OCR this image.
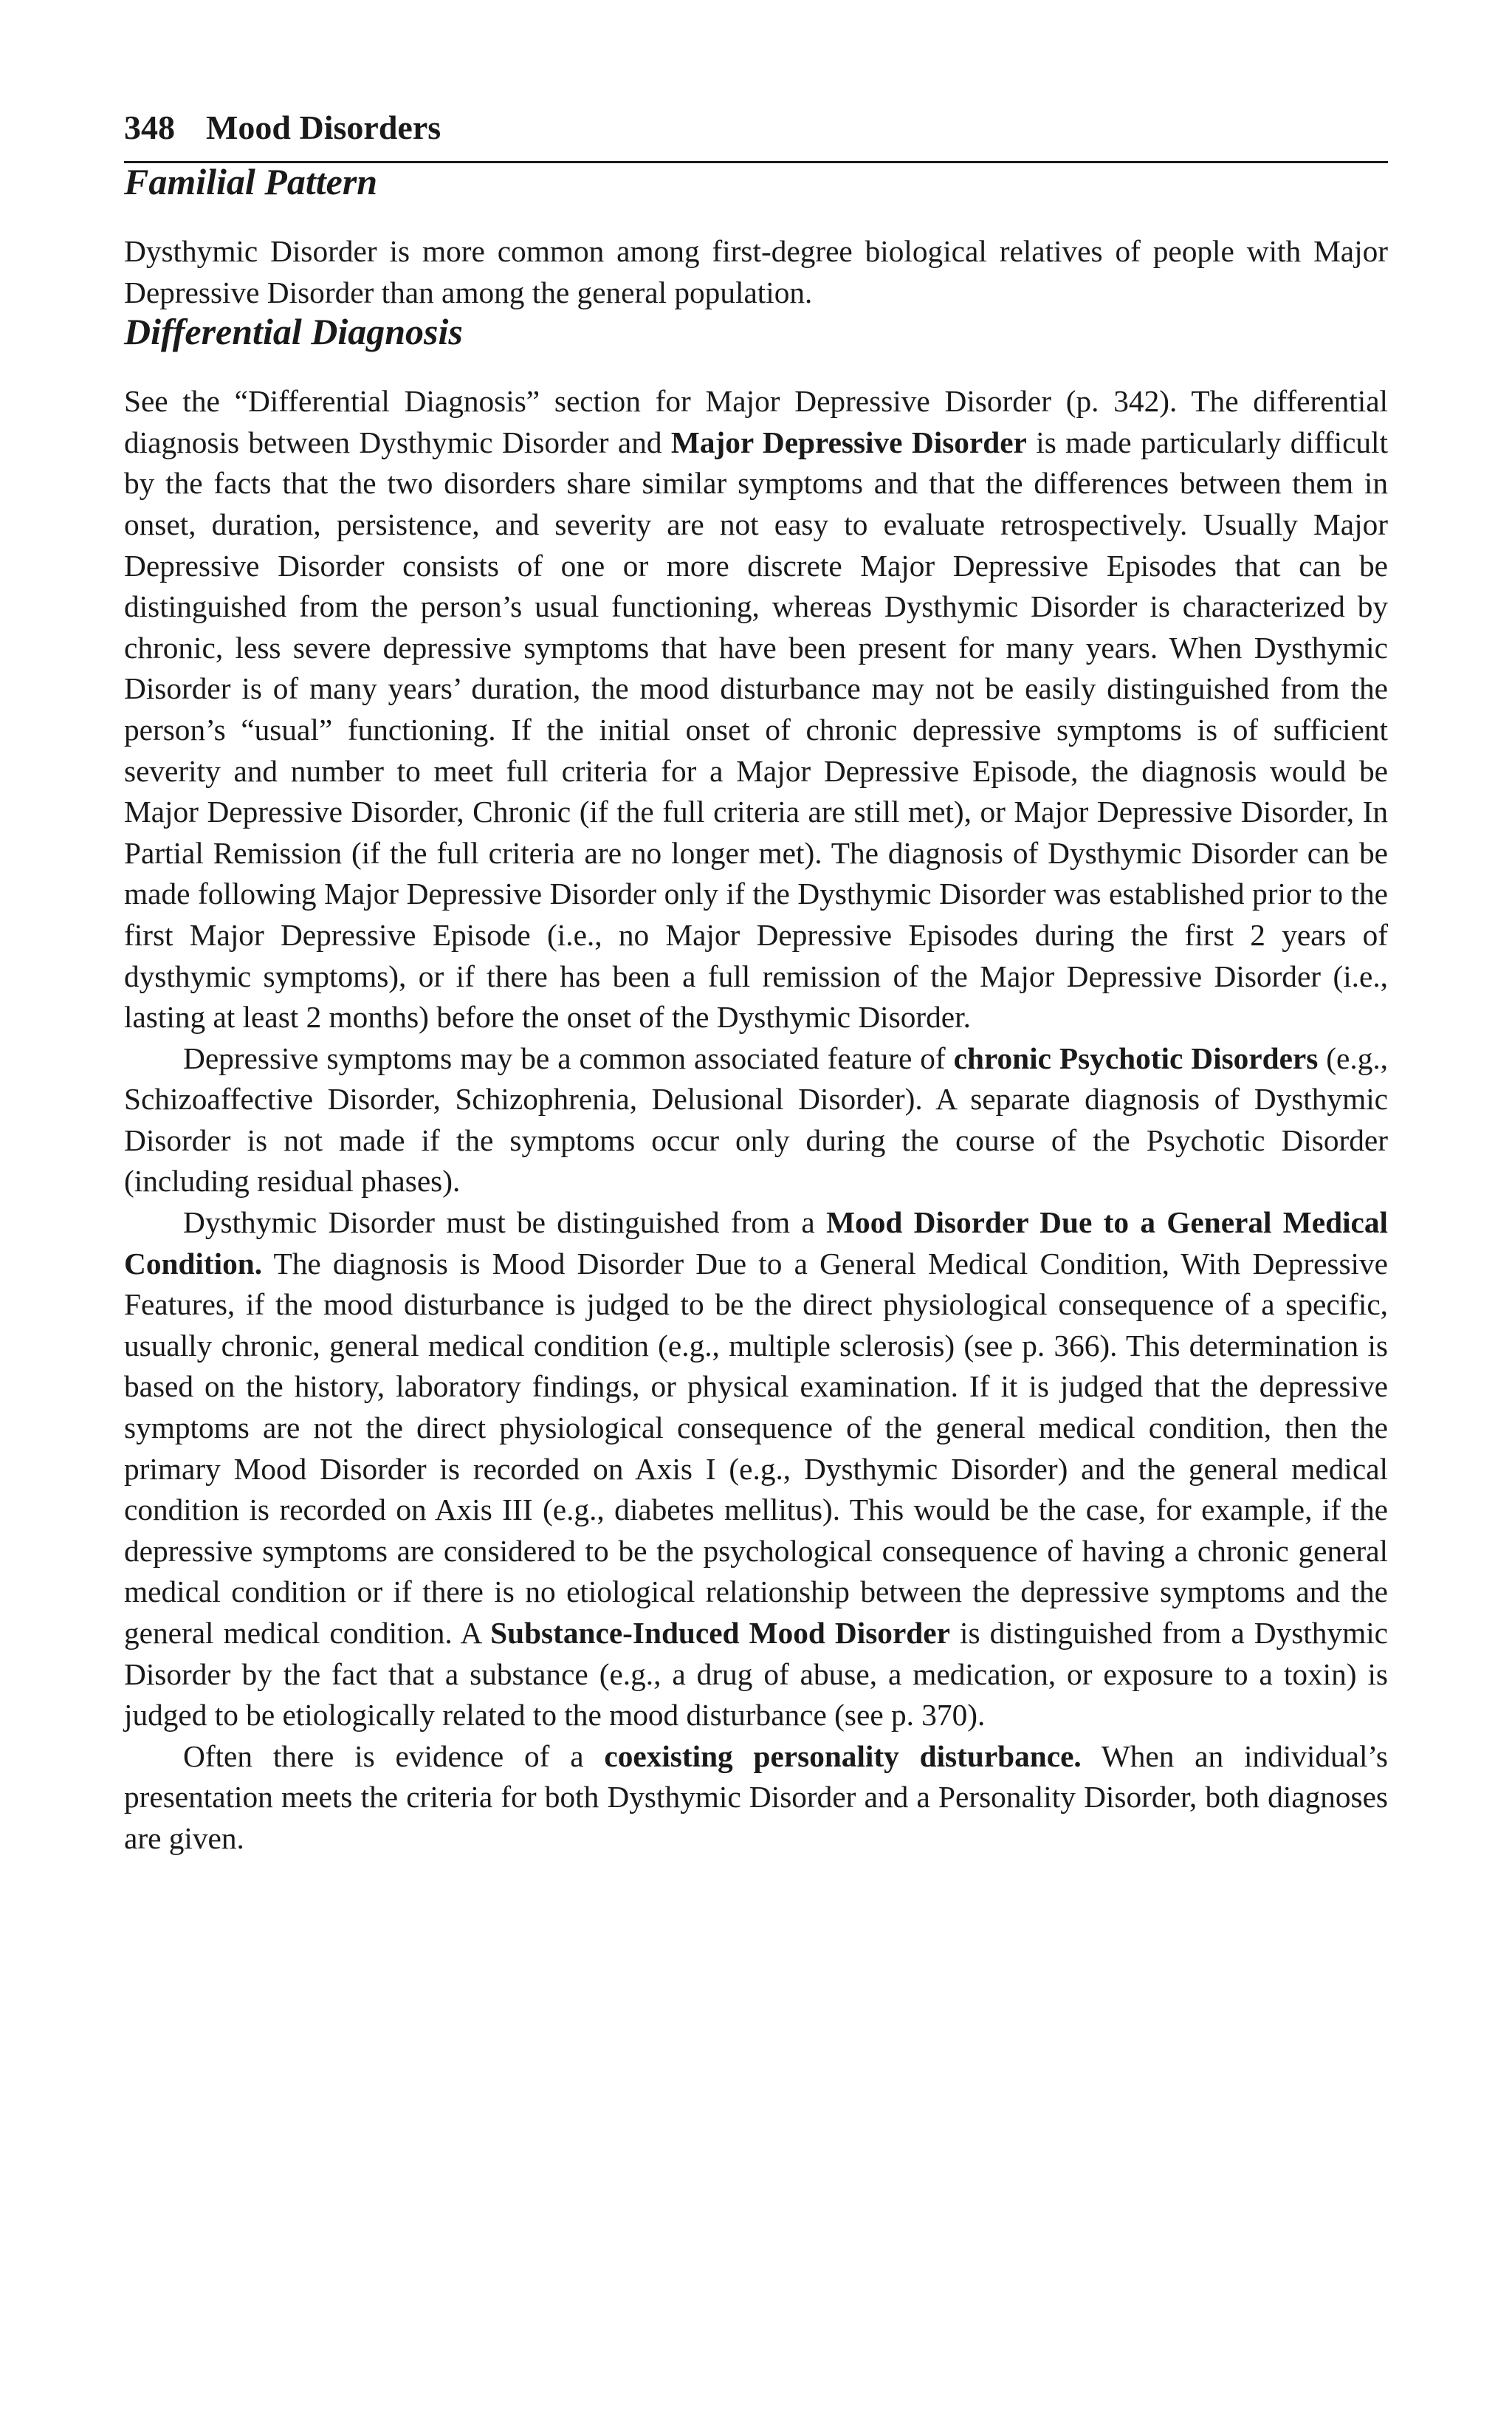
348 Mood Disorders
Familial Pattern

Dysthymic Disorder is more common among first-degree biological relatives of people with Major Depressive Disorder than among the general population.

Differential Diagnosis

See the “Differential Diagnosis” section for Major Depressive Disorder (p. 342). The differential diagnosis between Dysthymic Disorder and Major Depressive Disorder is made particularly difficult by the facts that the two disorders share similar symptoms and that the differences between them in onset, duration, persistence, and severity are not easy to evaluate retrospectively. Usually Major Depressive Disorder consists of one or more discrete Major Depressive Episodes that can be distinguished from the person’s usual functioning, whereas Dysthymic Disorder is characterized by chronic, less severe depressive symptoms that have been present for many years. When Dysthymic Disorder is of many years’ duration, the mood disturbance may not be easily distinguished from the person’s “usual” functioning. If the initial onset of chronic depressive symptoms is of sufficient severity and number to meet full criteria for a Major Depressive Episode, the diagnosis would be Major Depressive Disorder, Chronic (if the full criteria are still met), or Major Depressive Disorder, In Partial Remission (if the full criteria are no longer met). The diagnosis of Dysthymic Disorder can be made following Major Depressive Disorder only if the Dysthymic Disorder was established prior to the first Major Depressive Episode (i.e., no Major Depressive Episodes during the first 2 years of dysthymic symptoms), or if there has been a full remission of the Major Depressive Disorder (i.e., lasting at least 2 months) before the onset of the Dysthymic Disorder.

Depressive symptoms may be a common associated feature of chronic Psychotic Disorders (e.g., Schizoaffective Disorder, Schizophrenia, Delusional Disorder). A separate diagnosis of Dysthymic Disorder is not made if the symptoms occur only during the course of the Psychotic Disorder (including residual phases).

Dysthymic Disorder must be distinguished from a Mood Disorder Due to a General Medical Condition. The diagnosis is Mood Disorder Due to a General Medical Condition, With Depressive Features, if the mood disturbance is judged to be the direct physiological consequence of a specific, usually chronic, general medical condition (e.g., multiple sclerosis) (see p. 366). This determination is based on the history, laboratory findings, or physical examination. If it is judged that the depressive symptoms are not the direct physiological consequence of the general medical condition, then the primary Mood Disorder is recorded on Axis I (e.g., Dysthymic Disorder) and the general medical condition is recorded on Axis III (e.g., diabetes mellitus). This would be the case, for example, if the depressive symptoms are considered to be the psychological consequence of having a chronic general medical condition or if there is no etiological relationship between the depressive symptoms and the general medical condition. A Substance-Induced Mood Disorder is distinguished from a Dysthymic Disorder by the fact that a substance (e.g., a drug of abuse, a medication, or exposure to a toxin) is judged to be etiologically related to the mood disturbance (see p. 370).

Often there is evidence of a coexisting personality disturbance. When an individual’s presentation meets the criteria for both Dysthymic Disorder and a Personality Disorder, both diagnoses are given.
